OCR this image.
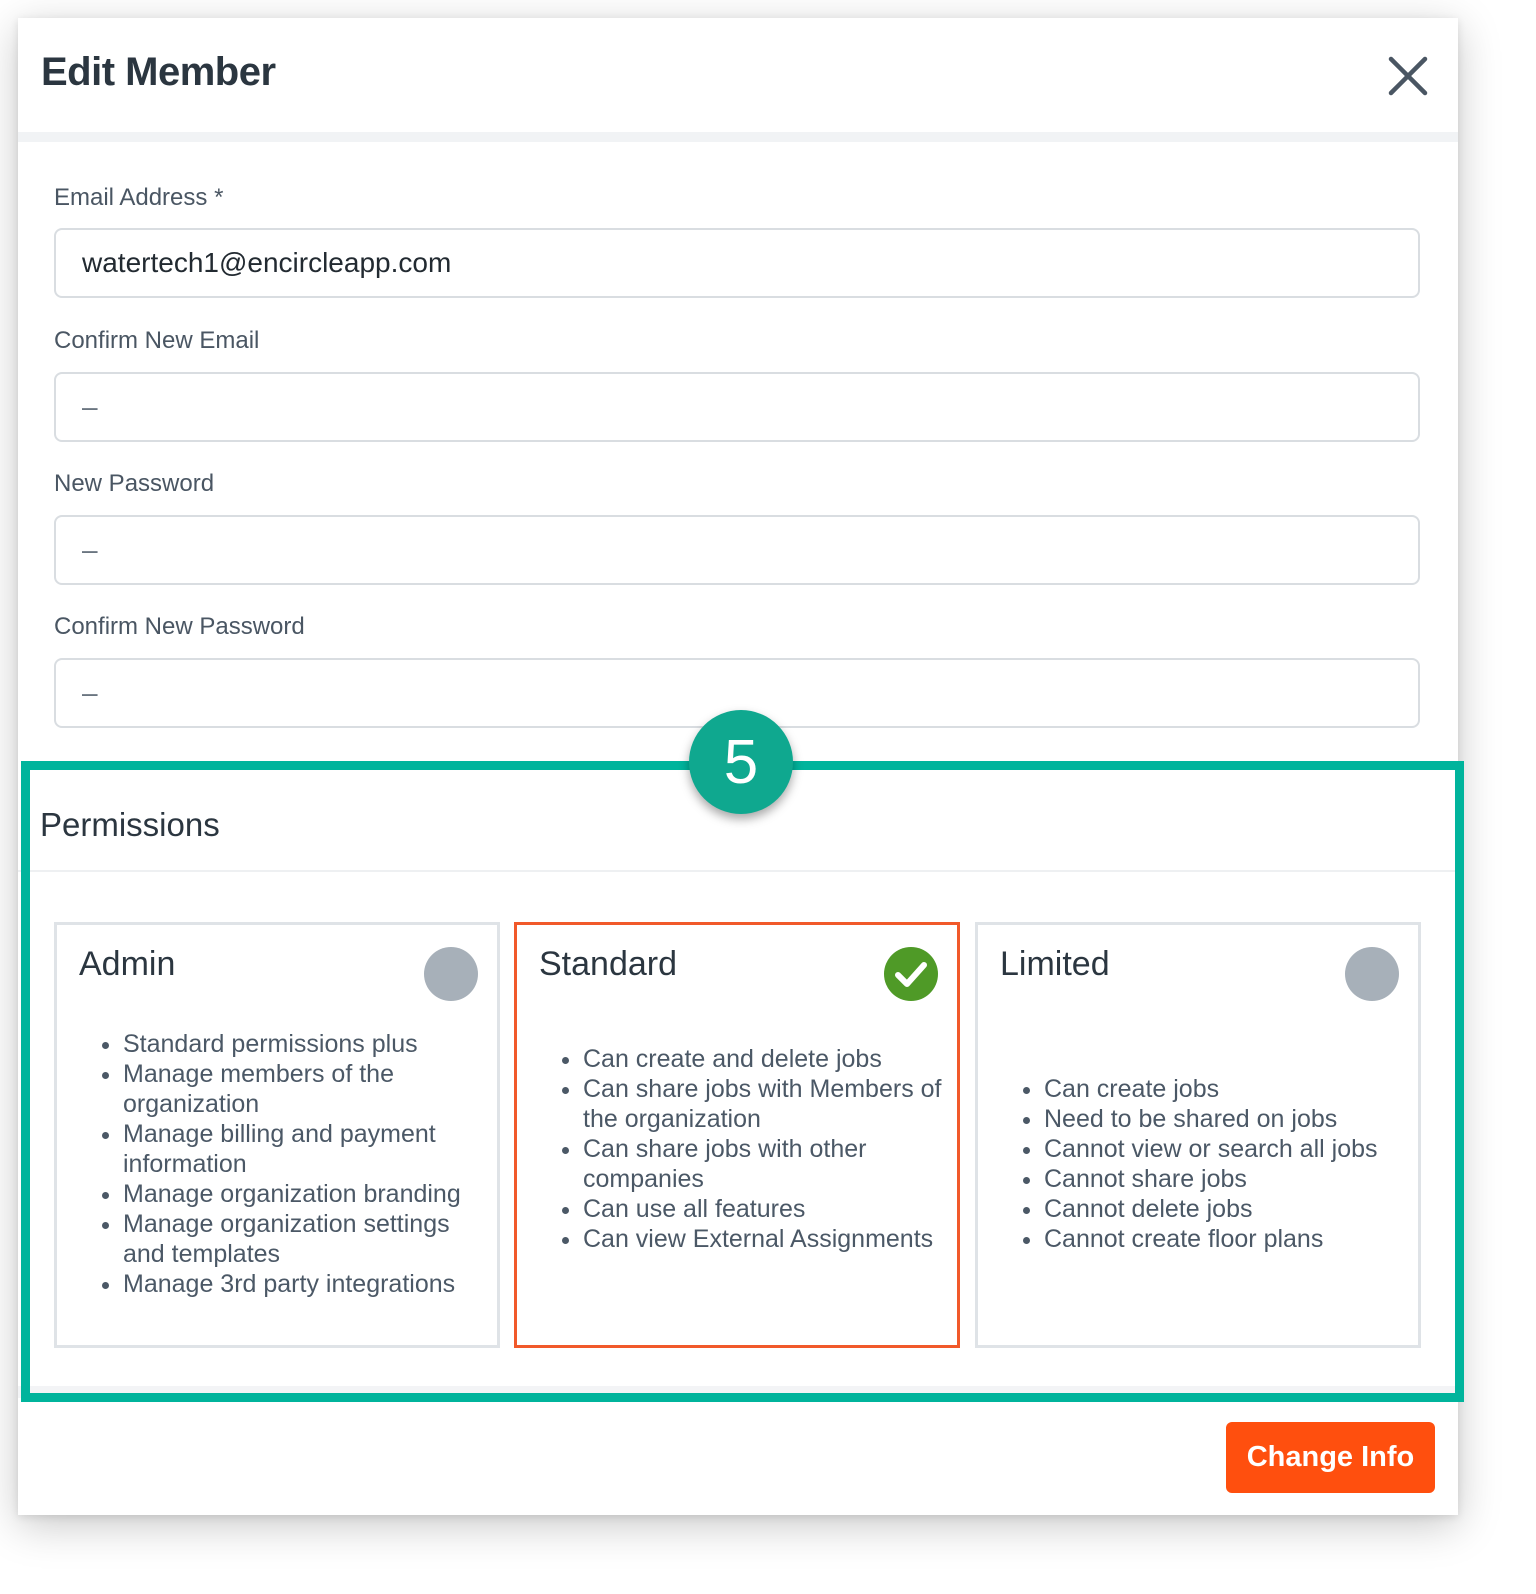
Edit Member
Email Address *
watertech1@encircleapp.com
Confirm New Email
–
New Password
–
Confirm New Password
–
Permissions
Admin
• Standard permissions plus
• Manage members of the organization
• Manage billing and payment information
• Manage organization branding
• Manage organization settings and templates
• Manage 3rd party integrations
Standard
• Can create and delete jobs
• Can share jobs with Members of the organization
• Can share jobs with other companies
• Can use all features
• Can view External Assignments
Limited
• Can create jobs
• Need to be shared on jobs
• Cannot view or search all jobs
• Cannot share jobs
• Cannot delete jobs
• Cannot create floor plans
5
Change Info
